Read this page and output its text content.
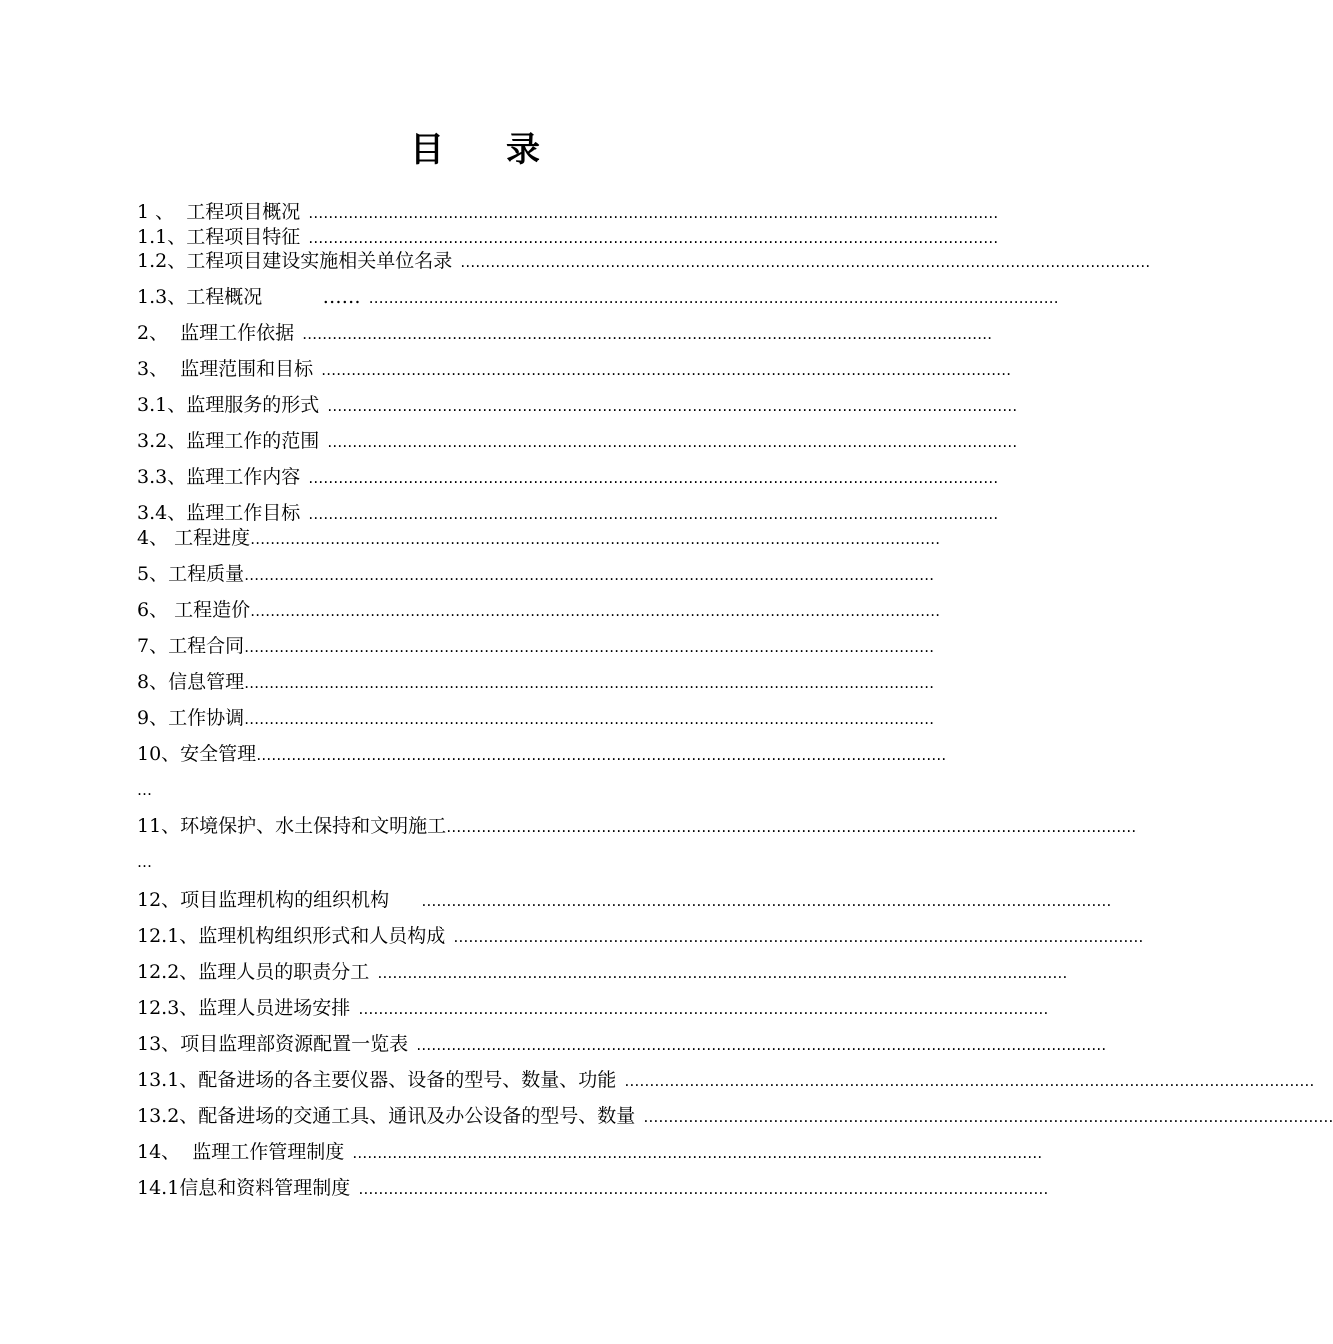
目 录
1 、  工程项目概况 …………………………………………………………………………………………………………………………
1.1、工程项目特征 …………………………………………………………………………………………………………………………
1.2、工程项目建设实施相关单位名录 …………………………………………………………………………………………………………………………
1.3、工程概况          …… …………………………………………………………………………………………………………………………
2、  监理工作依据 …………………………………………………………………………………………………………………………
3、  监理范围和目标 …………………………………………………………………………………………………………………………
3.1、监理服务的形式 …………………………………………………………………………………………………………………………
3.2、监理工作的范围 …………………………………………………………………………………………………………………………
3.3、监理工作内容 …………………………………………………………………………………………………………………………
3.4、监理工作目标 …………………………………………………………………………………………………………………………
4、 工程进度 …………………………………………………………………………………………………………………………
5、工程质量 …………………………………………………………………………………………………………………………
6、 工程造价 …………………………………………………………………………………………………………………………
7、工程合同 …………………………………………………………………………………………………………………………
8、信息管理 …………………………………………………………………………………………………………………………
9、工作协调 …………………………………………………………………………………………………………………………
10、安全管理 …………………………………………………………………………………………………………………………
…
11、环境保护、水土保持和文明施工 …………………………………………………………………………………………………………………………
…
12、项目监理机构的组织机构 …………………………………………………………………………………………………………………………
12.1、监理机构组织形式和人员构成 …………………………………………………………………………………………………………………………
12.2、监理人员的职责分工 …………………………………………………………………………………………………………………………
12.3、监理人员进场安排 …………………………………………………………………………………………………………………………
13、项目监理部资源配置一览表 …………………………………………………………………………………………………………………………
13.1、配备进场的各主要仪器、设备的型号、数量、功能 …………………………………………………………………………………………………………………………
13.2、配备进场的交通工具、通讯及办公设备的型号、数量 …………………………………………………………………………………………………………………………
14、  监理工作管理制度 …………………………………………………………………………………………………………………………
14.1信息和资料管理制度 …………………………………………………………………………………………………………………………
